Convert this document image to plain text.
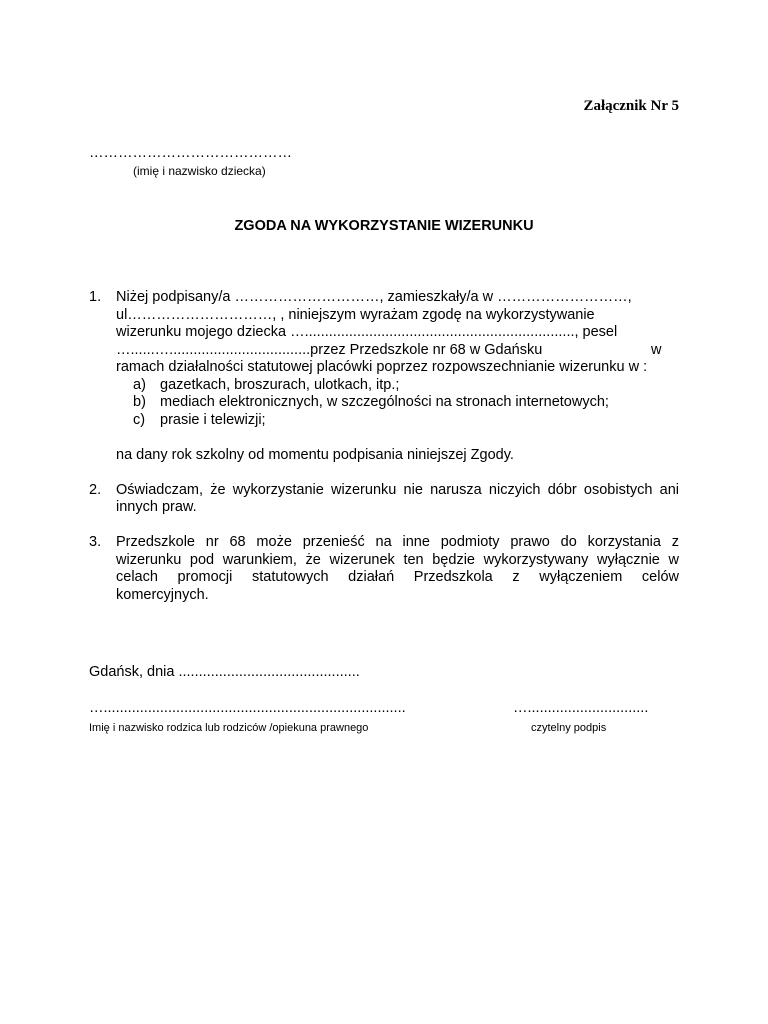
Załącznik Nr 5
……………………………………
(imię i nazwisko dziecka)
ZGODA NA WYKORZYSTANIE WIZERUNKU
1. Niżej podpisany/a …………………………, zamieszkały/a w ………………………,
ul…………………………, , niniejszym wyrażam zgodę na wykorzystywanie
wizerunku mojego dziecka …..................................................................., pesel
…......…...................................przez Przedszkole nr 68 w Gdańsku	w
ramach działalności statutowej placówki poprzez rozpowszechnianie wizerunku w :
a) gazetkach, broszurach, ulotkach, itp.;
b) mediach elektronicznych, w szczególności na stronach internetowych;
c) prasie i telewizji;
na dany rok szkolny od momentu podpisania niniejszej Zgody.
2. Oświadczam, że wykorzystanie wizerunku nie narusza niczyich dóbr osobistych ani
innych praw.
3. Przedszkole nr 68 może przenieść na inne podmioty prawo do korzystania z
wizerunku pod warunkiem, że wizerunek ten będzie wykorzystywany wyłącznie w
celach promocji statutowych działań Przedszkola z wyłączeniem celów
komercyjnych.
Gdańsk, dnia .............................................
…...........................................................................	…..............................
Imię i nazwisko rodzica lub rodziców /opiekuna prawnego	czytelny podpis
